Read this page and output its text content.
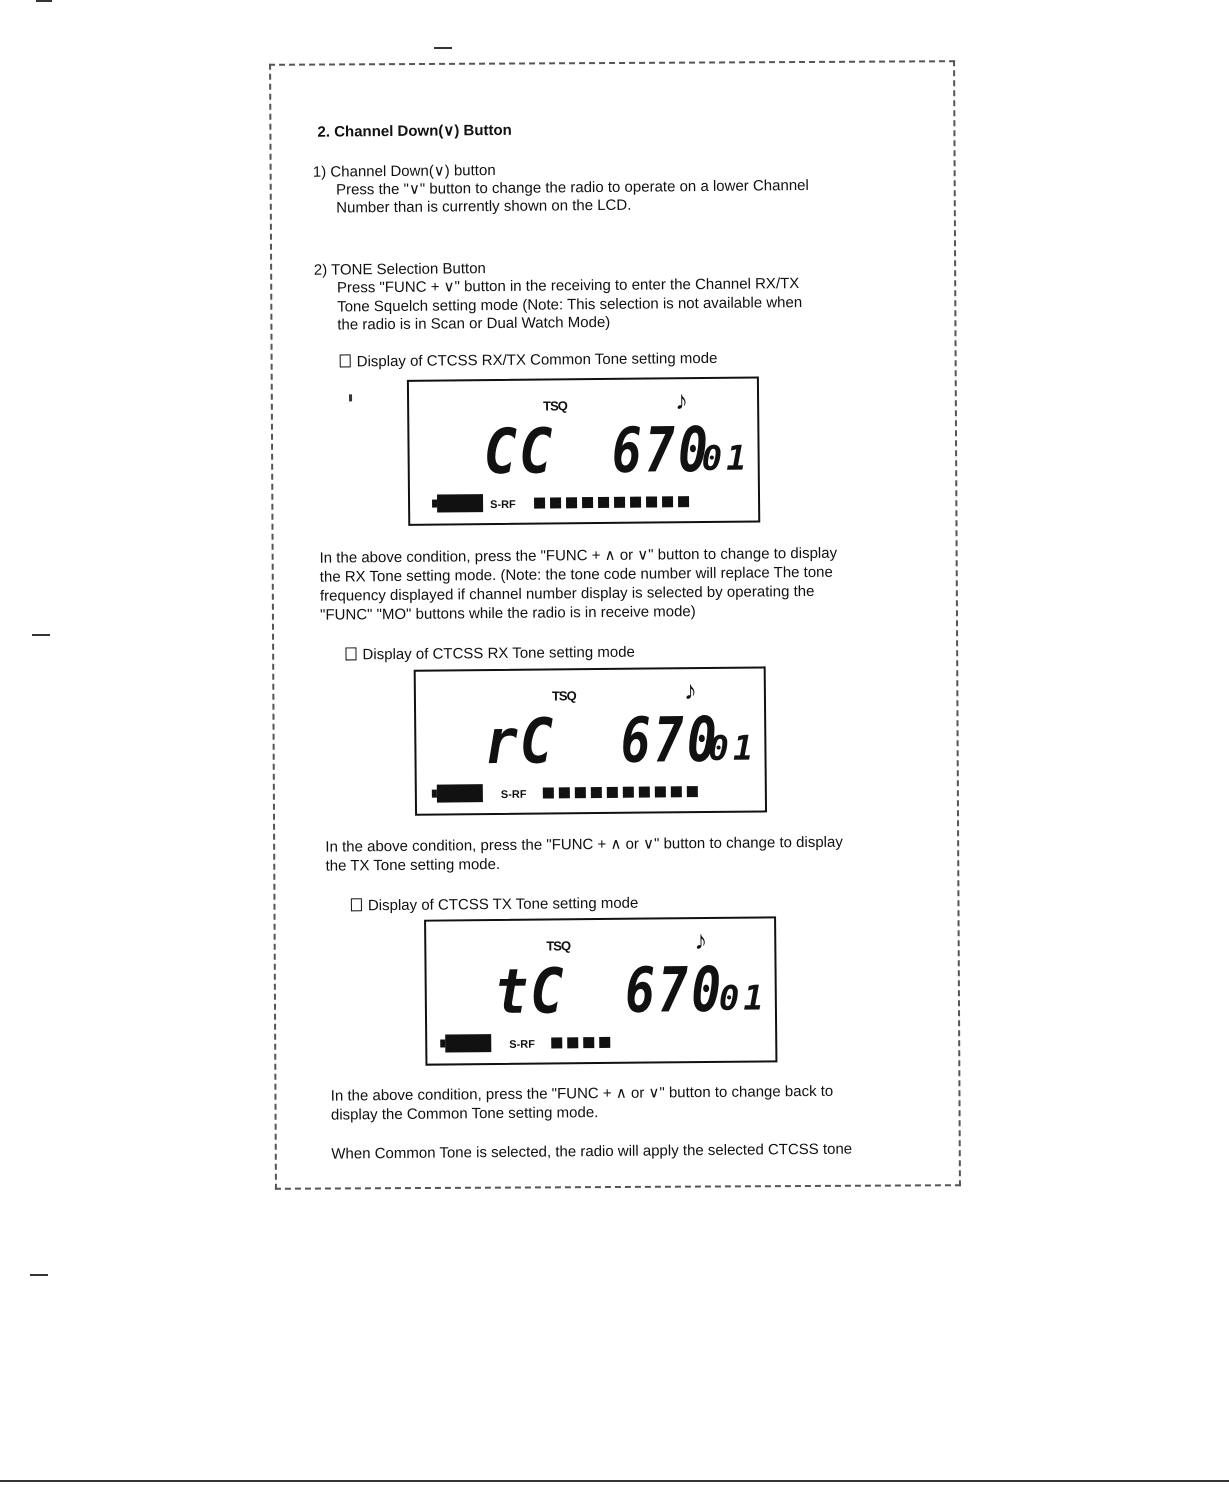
2. Channel Down(∨) Button
1) Channel Down(∨) button
Press the "∨" button to change the radio to operate on a lower Channel
Number than is currently shown on the LCD.
2) TONE Selection Button
Press "FUNC + ∨" button in the receiving to enter the Channel RX/TX
Tone Squelch setting mode (Note: This selection is not available when
the radio is in Scan or Dual Watch Mode)
Display of CTCSS RX/TX Common Tone setting mode
TSQ	♪
CC 670
01
S-RF
In the above condition, press the "FUNC + ∧ or ∨" button to change to display
the RX Tone setting mode. (Note: the tone code number will replace The tone
frequency displayed if channel number display is selected by operating the
"FUNC" "MO" buttons while the radio is in receive mode)
Display of CTCSS RX Tone setting mode
TSQ	♪
rC 670
01
S-RF
In the above condition, press the "FUNC + ∧ or ∨" button to change to display
the TX Tone setting mode.
Display of CTCSS TX Tone setting mode
TSQ	♪
tC 670
01
S-RF
In the above condition, press the "FUNC + ∧ or ∨" button to change back to
display the Common Tone setting mode.
When Common Tone is selected, the radio will apply the selected CTCSS tone
